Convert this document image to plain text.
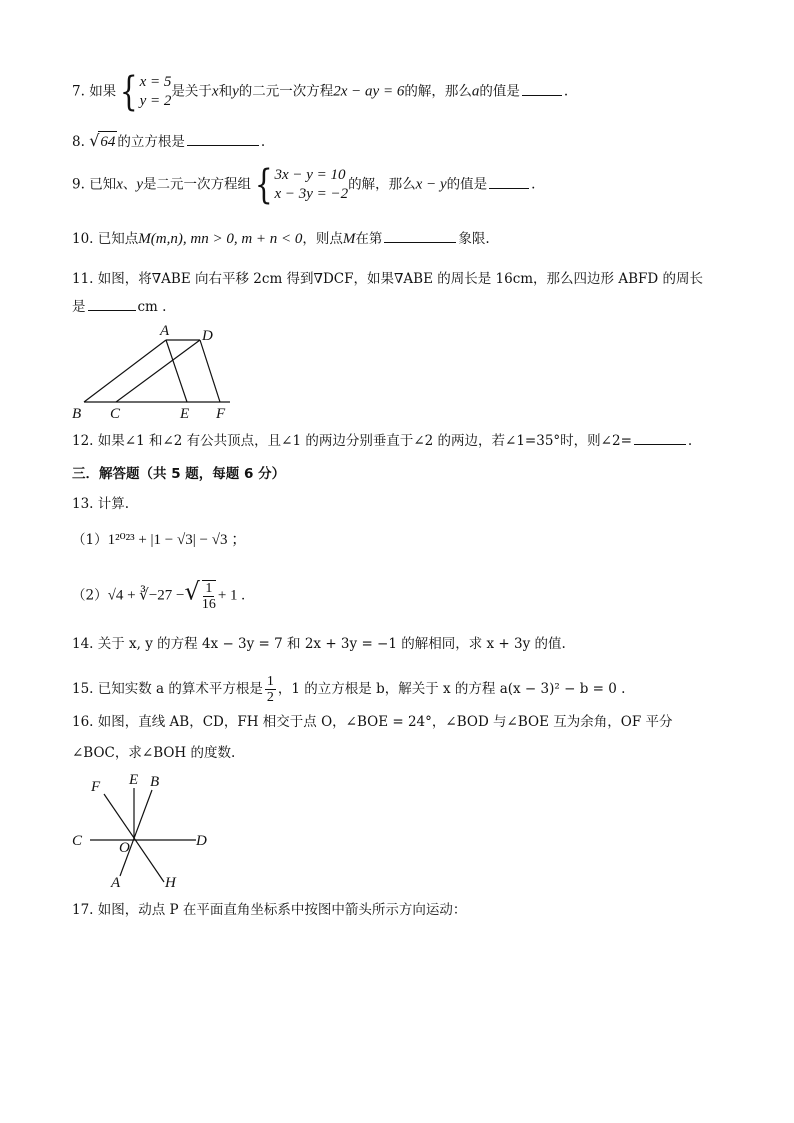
7. 如果 { x = 5
y = 2
是关于x和y的二元一次方程2x − ay = 6的解，那么a的值是	.
8. √64 的立方根是	.
9. 已知x、y是二元一次方程组 { 3x − y = 10
x − 3y = −2
的解，那么x − y的值是	.
10. 已知点M(m,n), mn > 0, m + n < 0，则点M在第	象限.
11. 如图，将∇ABE 向右平移 2cm 得到∇DCF，如果∇ABE 的周长是 16cm，那么四边形 ABFD 的周长
是	cm .
A D
B C	E F
12. 如果∠1 和∠2 有公共顶点，且∠1 的两边分别垂直于∠2 的两边，若∠1=35°时，则∠2=	.
三．解答题（共 5 题，每题 6 分）
13. 计算.
（1）1²⁰²³ + |1 − √3| − √3 ；
（2）√4 + ∛−27 −√ $\frac{1}{16} + 1$ .
14. 关于 x, y 的方程 4x − 3y = 7 和 2x + 3y = −1 的解相同，求 x + 3y 的值.
15. 已知实数 a 的算术平方根是 $\frac{1}{2}$ ，1 的立方根是 b，解关于 x 的方程 a(x − 3)² − b = 0 .
16. 如图，直线 AB，CD，FH 相交于点 O，∠BOE = 24°，∠BOD 与∠BOE 互为余角，OF 平分
∠BOC，求∠BOH 的度数.
E B
F
C O	D
A	H
17. 如图，动点 P 在平面直角坐标系中按图中箭头所示方向运动：
